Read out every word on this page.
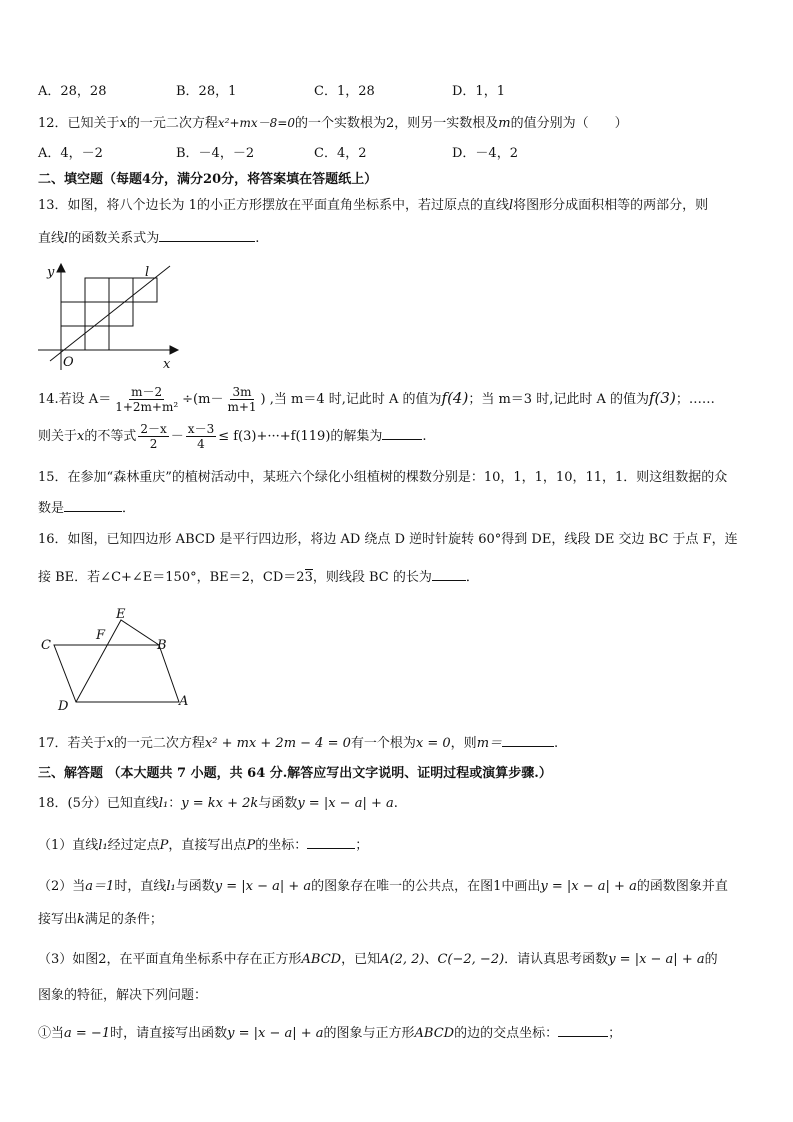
A．28，28	B．28，1	C．1，28	D．1，1
12．已知关于x的一元二次方程x²+mx－8=0的一个实数根为2，则另一实数根及m的值分别为（　　）
A．4，－2	B．－4，－2	C．4，2	D．－4，2
二、填空题（每题4分，满分20分，将答案填在答题纸上）
13．如图，将八个边长为 1的小正方形摆放在平面直角坐标系中，若过原点的直线l将图形分成面积相等的两部分，则
直线l的函数关系式为	.
y
x
O
l
14.若设 $A= \frac{m-2}{\text{1+2m+m²}} \div(m- \frac{3m}{m+1}$ ) ,当 m＝4 时,记此时 A 的值为f(4)；当 m＝3 时,记此时 A 的值为f(3)；……
则关于x的不等式 $\frac{2-x}{2} - \frac{x-3}{4} \le f(3)+\cdot\cdot\cdot+f(119)$的解集为	.
15．在参加“森林重庆”的植树活动中，某班六个绿化小组植树的棵数分别是：10，1，1，10，11，1．则这组数据的众
数是	．
16．如图，已知四边形 ABCD 是平行四边形，将边 AD 绕点 D 逆时针旋转 60°得到 DE，线段 DE 交边 BC 于点 F，连
接 BE．若∠C+∠E＝150°，BE＝2，CD＝23，则线段 BC 的长为	．
E
F
C	B
D	A
17．若关于x的一元二次方程x² + mx + 2m − 4 = 0有一个根为x = 0，则m＝	.
三、解答题 （本大题共 7 小题，共 64 分.解答应写出文字说明、证明过程或演算步骤.）
18．(5分）已知直线l₁：y = kx + 2k与函数y = |x − a| + a.
（1）直线l₁经过定点P，直接写出点P的坐标：	；
（2）当a＝1时，直线l₁与函数y = |x − a| + a的图象存在唯一的公共点，在图1中画出y = |x − a| + a的函数图象并直
接写出k满足的条件；
（3）如图2，在平面直角坐标系中存在正方形ABCD，已知A(2, 2)、C(−2, −2)．请认真思考函数y = |x − a| + a的
图象的特征，解决下列问题：
①当a = −1时，请直接写出函数y = |x − a| + a的图象与正方形ABCD的边的交点坐标：	；
